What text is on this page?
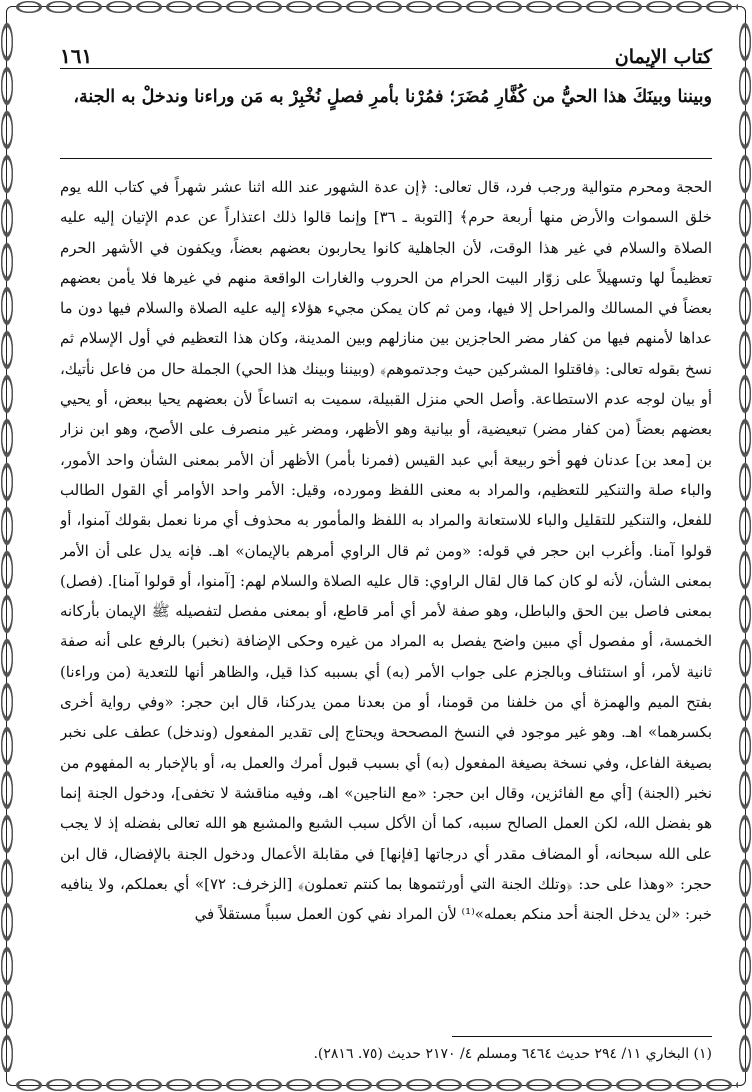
١٦١	كتاب الإيمان
وبيننا وبينَكَ هذا الحيُّ من كُفَّارِ مُضَرَ؛ فمُرْنا بأمرِ فصلٍ نُخْبِرْ به مَن وراءنا وندخلْ به الجنة،

الحجة ومحرم متوالية ورجب فرد، قال تعالى: ﴿إن عدة الشهور عند الله اثنا عشر شهراً في كتاب الله يوم خلق السموات والأرض منها أربعة حرم﴾ [التوبة ـ ٣٦] وإنما قالوا ذلك اعتذاراً عن عدم الإتيان إليه عليه الصلاة والسلام في غير هذا الوقت، لأن الجاهلية كانوا يحاربون بعضهم بعضاً، ويكفون في الأشهر الحرم تعظيماً لها وتسهيلاً على زوّار البيت الحرام من الحروب والغارات الواقعة منهم في غيرها فلا يأمن بعضهم بعضاً في المسالك والمراحل إلا فيها، ومن ثم كان يمكن مجيء هؤلاء إليه عليه الصلاة والسلام فيها دون ما عداها لأمنهم فيها من كفار مضر الحاجزين بين منازلهم وبين المدينة، وكان هذا التعظيم في أول الإسلام ثم نسخ بقوله تعالى: ﴿فاقتلوا المشركين حيث وجدتموهم﴾ (وبيننا وبينك هذا الحي) الجملة حال من فاعل نأتيك، أو بيان لوجه عدم الاستطاعة. وأصل الحي منزل القبيلة، سميت به اتساعاً لأن بعضهم يحيا ببعض، أو يحيي بعضهم بعضاً (من كفار مضر) تبعيضية، أو بيانية وهو الأظهر، ومضر غير منصرف على الأصح، وهو ابن نزار بن [معد بن] عدنان فهو أخو ربيعة أبي عبد القيس (فمرنا بأمر) الأظهر أن الأمر بمعنى الشأن واحد الأمور، والباء صلة والتنكير للتعظيم، والمراد به معنى اللفظ ومورده، وقيل: الأمر واحد الأوامر أي القول الطالب للفعل، والتنكير للتقليل والباء للاستعانة والمراد به اللفظ والمأمور به محذوف أي مرنا نعمل بقولك آمنوا، أو قولوا آمنا. وأغرب ابن حجر في قوله: «ومن ثم قال الراوي أمرهم بالإيمان» اهـ. فإنه يدل على أن الأمر بمعنى الشأن، لأنه لو كان كما قال لقال الراوي: قال عليه الصلاة والسلام لهم: [آمنوا، أو قولوا آمنا]. (فصل) بمعنى فاصل بين الحق والباطل، وهو صفة لأمر أي أمر قاطع، أو بمعنى مفصل لتفصيله ﷺ الإيمان بأركانه الخمسة، أو مفصول أي مبين واضح يفصل به المراد من غيره وحكى الإضافة (نخبر) بالرفع على أنه صفة ثانية لأمر، أو استئناف وبالجزم على جواب الأمر (به) أي بسببه كذا قيل، والظاهر أنها للتعدية (من وراءنا) بفتح الميم والهمزة أي من خلفنا من قومنا، أو من بعدنا ممن يدركنا، قال ابن حجر: «وفي رواية أخرى بكسرهما» اهـ. وهو غير موجود في النسخ المصححة ويحتاج إلى تقدير المفعول (وندخل) عطف على نخبر بصيغة الفاعل، وفي نسخة بصيغة المفعول (به) أي بسبب قبول أمرك والعمل به، أو بالإخبار به المفهوم من نخبر (الجنة) [أي مع الفائزين، وقال ابن حجر: «مع الناجين» اهـ، وفيه مناقشة لا تخفى]، ودخول الجنة إنما هو بفضل الله، لكن العمل الصالح سببه، كما أن الأكل سبب الشبع والمشبع هو الله تعالى بفضله إذ لا يجب على الله سبحانه، أو المضاف مقدر أي درجاتها [فإنها] في مقابلة الأعمال ودخول الجنة بالإفضال، قال ابن حجر: «وهذا على حد: ﴿وتلك الجنة التي أورثتموها بما كنتم تعملون﴾ [الزخرف: ٧٢]» أي بعملكم، ولا ينافيه خبر: «لن يدخل الجنة أحد منكم بعمله»⁽¹⁾ لأن المراد نفي كون العمل سبباً مستقلاً في

(١) البخاري ١١/ ٢٩٤ حديث ٦٤٦٤ ومسلم ٤/ ٢١٧٠ حديث (٧٥. ٢٨١٦).
